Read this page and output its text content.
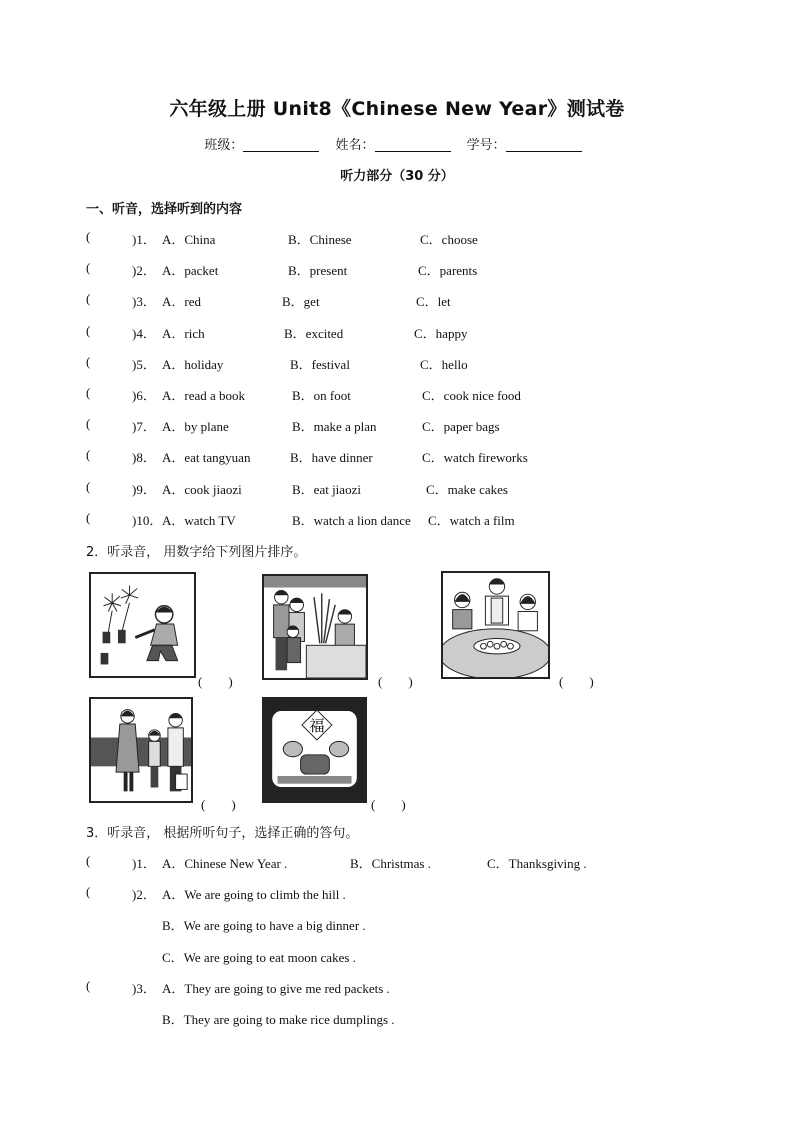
六年级上册 Unit8《Chinese New Year》测试卷
班级：	姓名：	学号：
听力部分（30 分）
一、听音，选择听到的内容
(	)1． A．China	B．Chinese	C．choose
(	)2． A．packet	B．present	C．parents
(	)3． A．red	B．get	C．let
(	)4． A．rich	B．excited	C．happy
(	)5． A．holiday	B．festival	C．hello
(	)6． A．read a book	B．on foot	C．cook nice food
(	)7． A．by plane	B．make a plan	C．paper bags
(	)8． A．eat tangyuan	B．have dinner	C．watch fireworks
(	)9． A．cook jiaozi	B．eat jiaozi	C．make cakes
(	)10． A．watch TV	B．watch a lion dance C．watch a film
2．听录音， 用数字给下列图片排序。
(　　)	(　　)	(　　)
(　　)
福
(　　)
3．听录音， 根据所听句子，选择正确的答句。
(	)1． A．Chinese New Year .	B．Christmas .	C．Thanksgiving .
(	)2． A．We are going to climb the hill .
B．We are going to have a big dinner .
C．We are going to eat moon cakes .
(	)3． A．They are going to give me red packets .
B．They are going to make rice dumplings .
